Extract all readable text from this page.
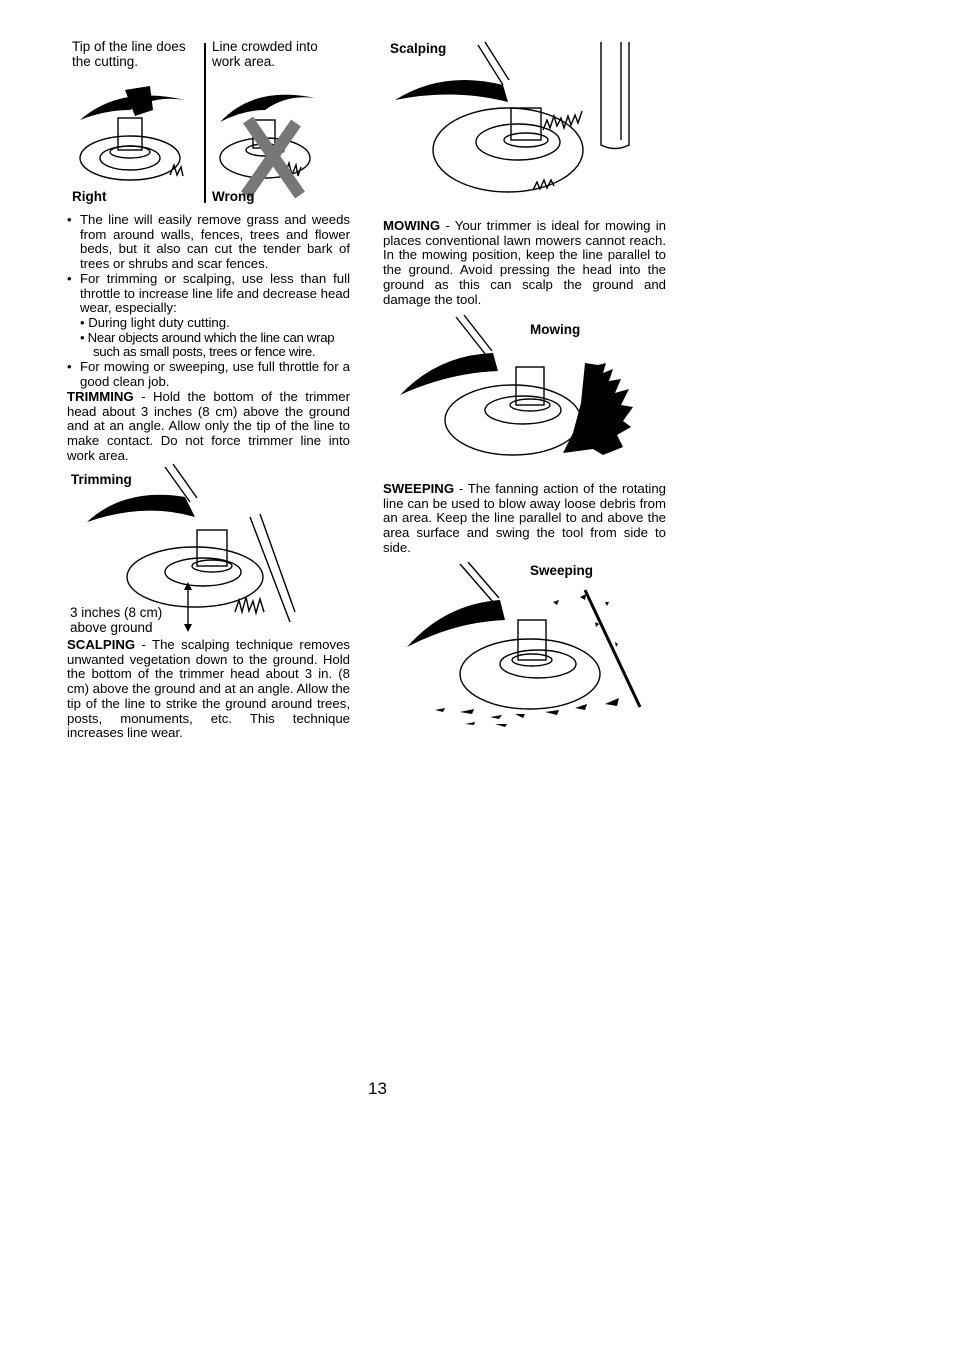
Tip of the line does the cutting.
Line crowded into work area.
Right	Wrong
• The line will easily remove grass and weeds from around walls, fences, trees and flower beds, but it also can cut the tender bark of trees or shrubs and scar fences.
• For trimming or scalping, use less than full throttle to increase line life and decrease head wear, especially:
• During light duty cutting.
• Near objects around which the line can wrap such as small posts, trees or fence wire.
• For mowing or sweeping, use full throttle for a good clean job.
TRIMMING - Hold the bottom of the trimmer head about 3 inches (8 cm) above the ground and at an angle. Allow only the tip of the line to make contact. Do not force trimmer line into work area.
Trimming
3 inches (8 cm)
above ground
SCALPING - The scalping technique removes unwanted vegetation down to the ground. Hold the bottom of the trimmer head about 3 in. (8 cm) above the ground and at an angle. Allow the tip of the line to strike the ground around trees, posts, monuments, etc. This technique increases line wear.
Scalping
MOWING - Your trimmer is ideal for mowing in places conventional lawn mowers cannot reach. In the mowing position, keep the line parallel to the ground. Avoid pressing the head into the ground as this can scalp the ground and damage the tool.
Mowing
SWEEPING - The fanning action of the rotating line can be used to blow away loose debris from an area. Keep the line parallel to and above the area surface and swing the tool from side to side.
Sweeping
13
